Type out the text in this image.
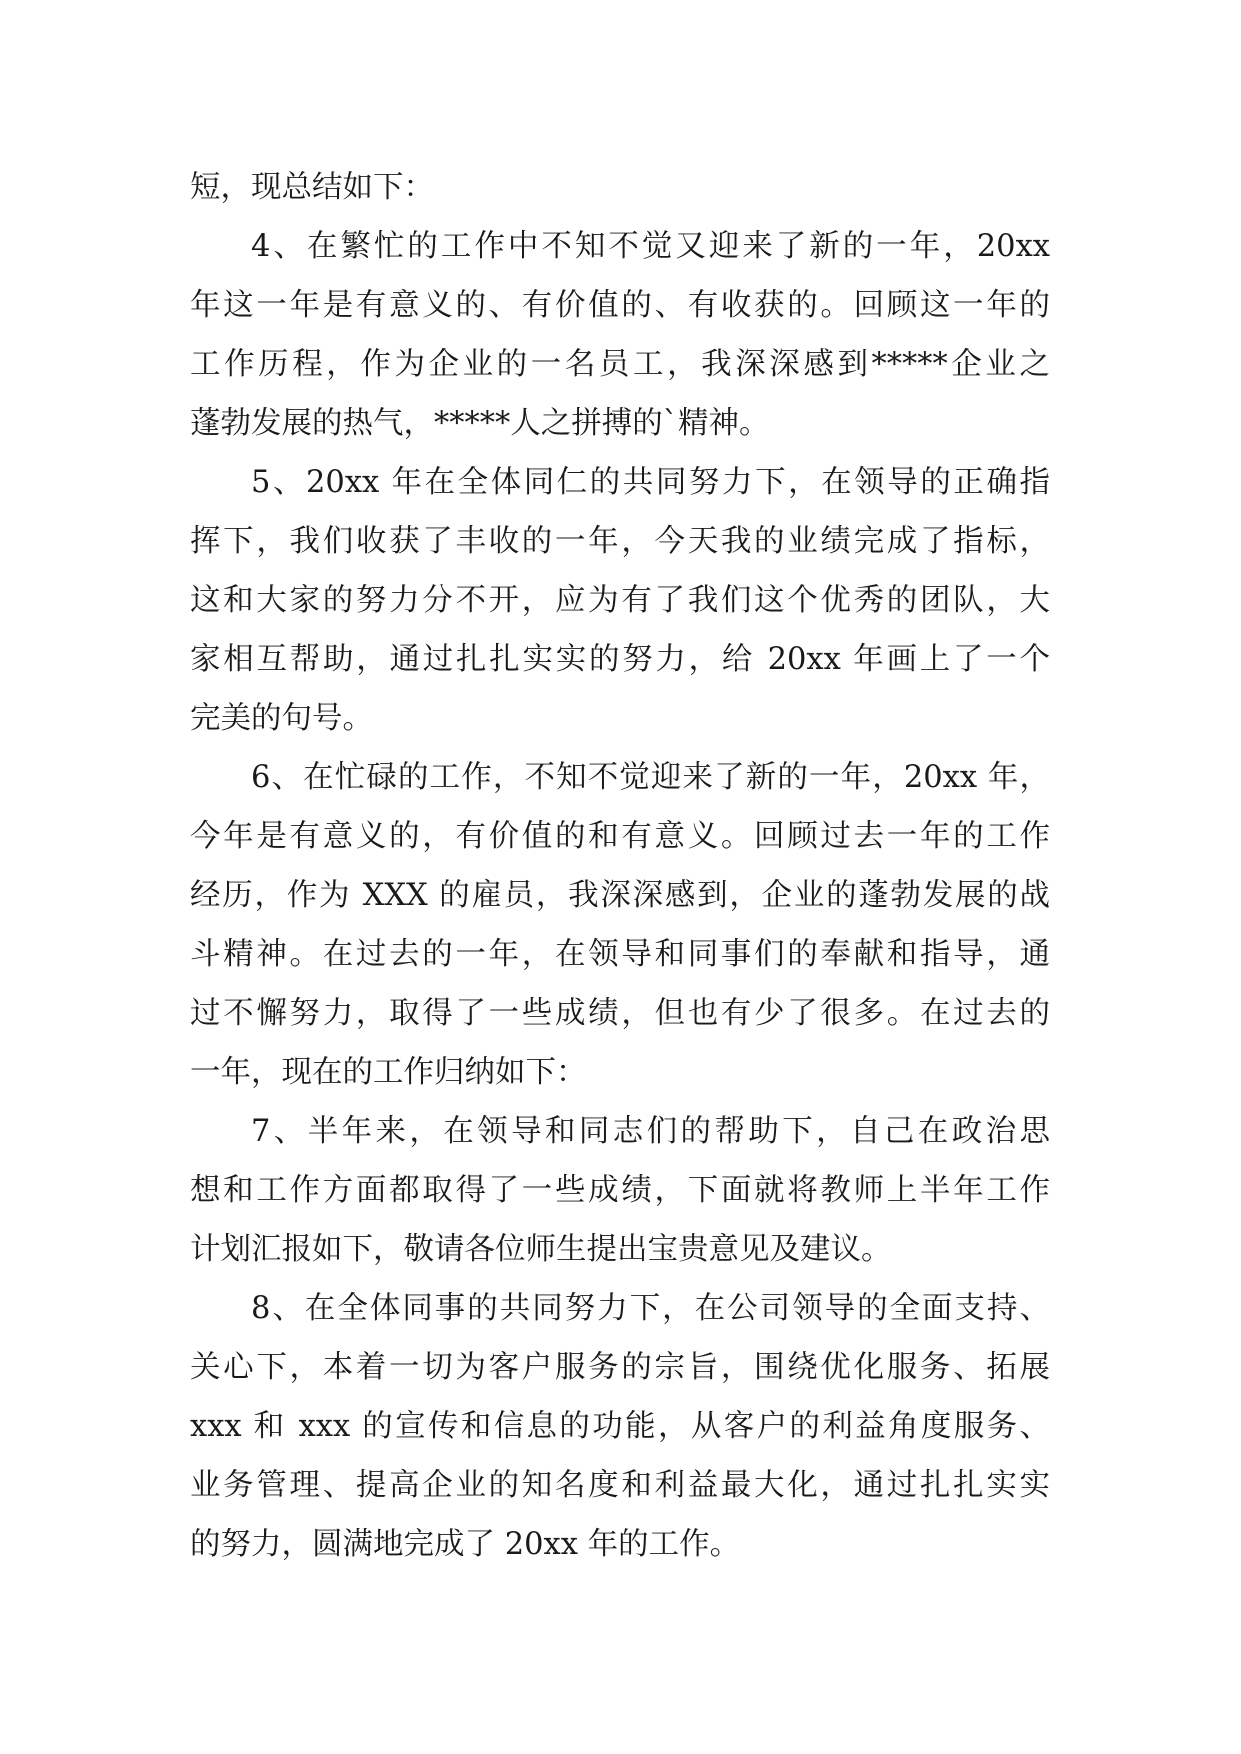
短，现总结如下：
4、在繁忙的工作中不知不觉又迎来了新的一年，20xx
年这一年是有意义的、有价值的、有收获的。回顾这一年的
工作历程，作为企业的一名员工，我深深感到*****企业之
蓬勃发展的热气，*****人之拼搏的`精神。
5、20xx 年在全体同仁的共同努力下，在领导的正确指
挥下，我们收获了丰收的一年，今天我的业绩完成了指标，
这和大家的努力分不开，应为有了我们这个优秀的团队，大
家相互帮助，通过扎扎实实的努力，给 20xx 年画上了一个
完美的句号。
6、在忙碌的工作，不知不觉迎来了新的一年，20xx 年，
今年是有意义的，有价值的和有意义。回顾过去一年的工作
经历，作为 XXX 的雇员，我深深感到，企业的蓬勃发展的战
斗精神。在过去的一年，在领导和同事们的奉献和指导，通
过不懈努力，取得了一些成绩，但也有少了很多。在过去的
一年，现在的工作归纳如下：
7、半年来，在领导和同志们的帮助下，自己在政治思
想和工作方面都取得了一些成绩，下面就将教师上半年工作
计划汇报如下，敬请各位师生提出宝贵意见及建议。
8、在全体同事的共同努力下，在公司领导的全面支持、
关心下，本着一切为客户服务的宗旨，围绕优化服务、拓展
xxx 和 xxx 的宣传和信息的功能，从客户的利益角度服务、
业务管理、提高企业的知名度和利益最大化，通过扎扎实实
的努力，圆满地完成了 20xx 年的工作。
